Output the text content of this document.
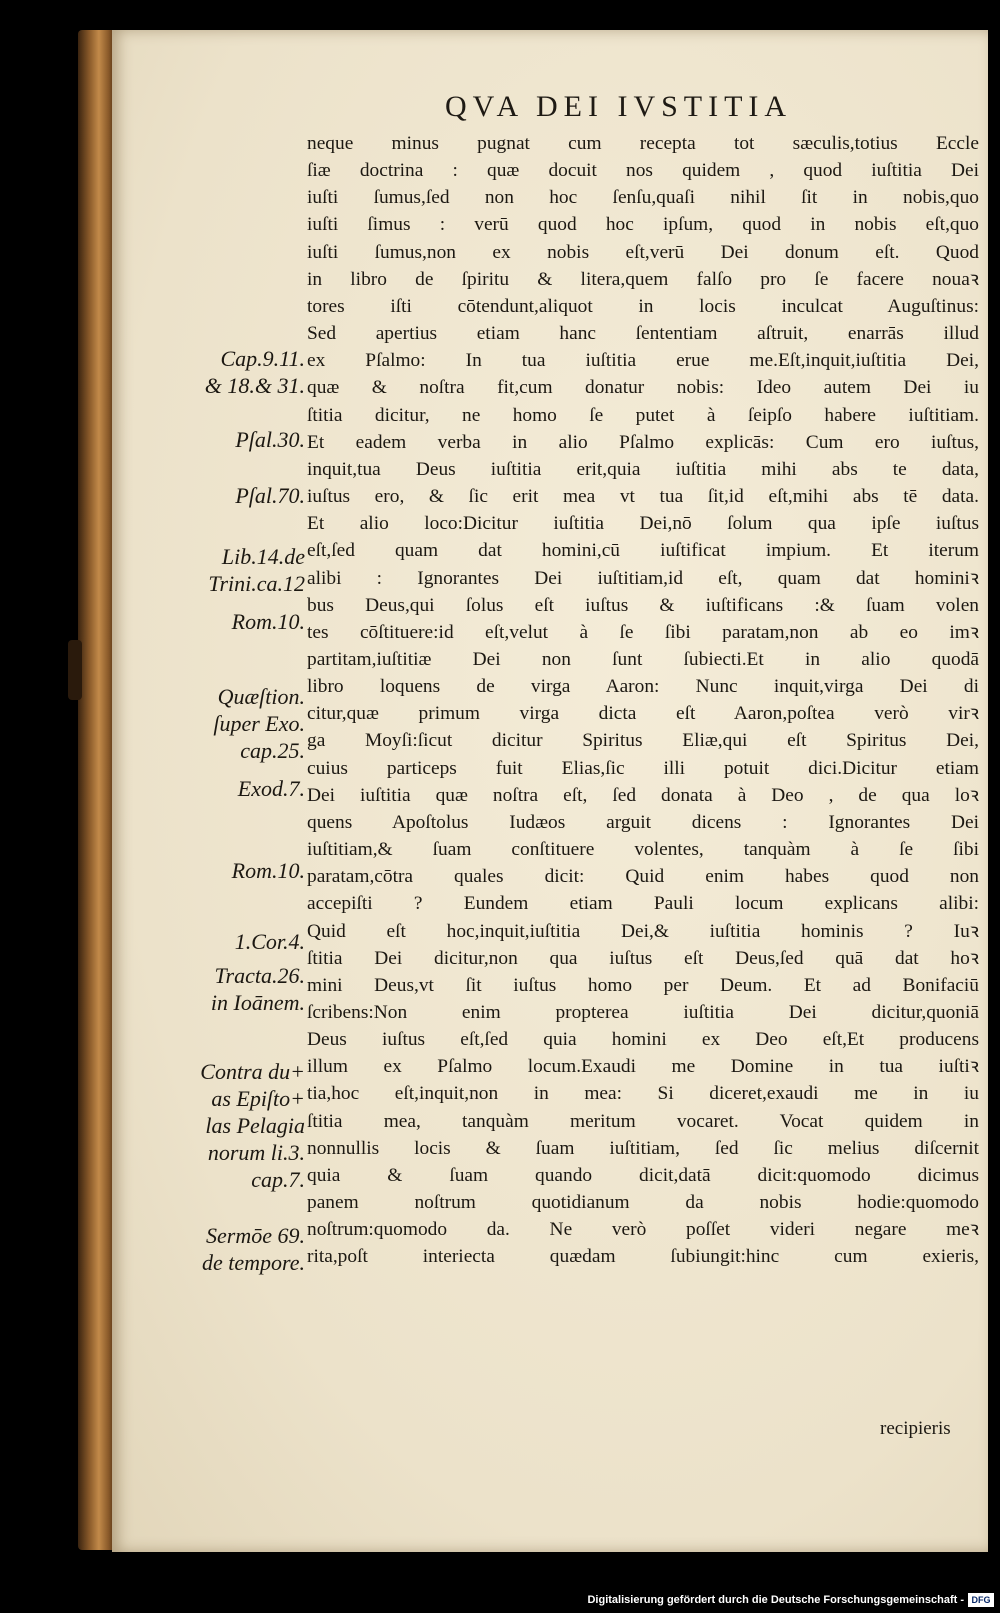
QVA DEI IVSTITIA
neque minus pugnat cum recepta tot sæculis,totius Eccle
ſiæ doctrina : quæ docuit nos quidem , quod iuſtitia Dei
iuſti ſumus,ſed non hoc ſenſu,quaſi nihil ſit in nobis,quo
iuſti ſimus : verū quod hoc ipſum, quod in nobis eſt,quo
iuſti ſumus,non ex nobis eſt,verū Dei donum eſt. Quod
in libro de ſpiritu & litera,quem falſo pro ſe facere nouaꝛ
tores iſti cōtendunt,aliquot in locis inculcat Auguſtinus:
Sed apertius etiam hanc ſententiam aſtruit, enarrās illud
ex Pſalmo: In tua iuſtitia erue me.Eſt,inquit,iuſtitia Dei,
quæ & noſtra fit,cum donatur nobis: Ideo autem Dei iu
ſtitia dicitur, ne homo ſe putet à ſeipſo habere iuſtitiam.
Et eadem verba in alio Pſalmo explicās: Cum ero iuſtus,
inquit,tua Deus iuſtitia erit,quia iuſtitia mihi abs te data,
iuſtus ero, & ſic erit mea vt tua ſit,id eſt,mihi abs tē data.
Et alio loco:Dicitur iuſtitia Dei,nō ſolum qua ipſe iuſtus
eſt,ſed quam dat homini,cū iuſtificat impium. Et iterum
alibi : Ignorantes Dei iuſtitiam,id eſt, quam dat hominiꝛ
bus Deus,qui ſolus eſt iuſtus & iuſtificans :& ſuam volen
tes cōſtituere:id eſt,velut à ſe ſibi paratam,non ab eo imꝛ
partitam,iuſtitiæ Dei non ſunt ſubiecti.Et in alio quodā
libro loquens de virga Aaron: Nunc inquit,virga Dei di
citur,quæ primum virga dicta eſt Aaron,poſtea verò virꝛ
ga Moyſi:ſicut dicitur Spiritus Eliæ,qui eſt Spiritus Dei,
cuius particeps fuit Elias,ſic illi potuit dici.Dicitur etiam
Dei iuſtitia quæ noſtra eſt, ſed donata à Deo , de qua loꝛ
quens Apoſtolus Iudæos arguit dicens : Ignorantes Dei
iuſtitiam,& ſuam conſtituere volentes, tanquàm à ſe ſibi
paratam,cōtra quales dicit: Quid enim habes quod non
accepiſti ? Eundem etiam Pauli locum explicans alibi:
Quid eſt hoc,inquit,iuſtitia Dei,& iuſtitia hominis ? Iuꝛ
ſtitia Dei dicitur,non qua iuſtus eſt Deus,ſed quā dat hoꝛ
mini Deus,vt ſit iuſtus homo per Deum. Et ad Bonifaciū
ſcribens:Non enim propterea iuſtitia Dei dicitur,quoniā
Deus iuſtus eſt,ſed quia homini ex Deo eſt,Et producens
illum ex Pſalmo locum.Exaudi me Domine in tua iuſtiꝛ
tia,hoc eſt,inquit,non in mea: Si diceret,exaudi me in iu
ſtitia mea, tanquàm meritum vocaret. Vocat quidem in
nonnullis locis & ſuam iuſtitiam, ſed ſic melius diſcernit
quia & ſuam quando dicit,datā dicit:quomodo dicimus
panem noſtrum quotidianum da nobis hodie:quomodo
noſtrum:quomodo da. Ne verò poſſet videri negare meꝛ
rita,poſt interiecta quædam ſubiungit:hinc cum exieris,
recipieris
Cap.9.11.
& 18.& 31.
Pſal.30.
Pſal.70.
Lib.14.de
Trini.ca.12
Rom.10.
Quæſtion.
ſuper Exo.
cap.25.
Exod.7.
Rom.10.
1.Cor.4.
Tracta.26.
in Ioānem.
Contra du+
as Epiſto+
las Pelagia
norum li.3.
cap.7.
Sermōe 69.
de tempore.
Digitalisierung gefördert durch die Deutsche Forschungsgemeinschaft - DFG
